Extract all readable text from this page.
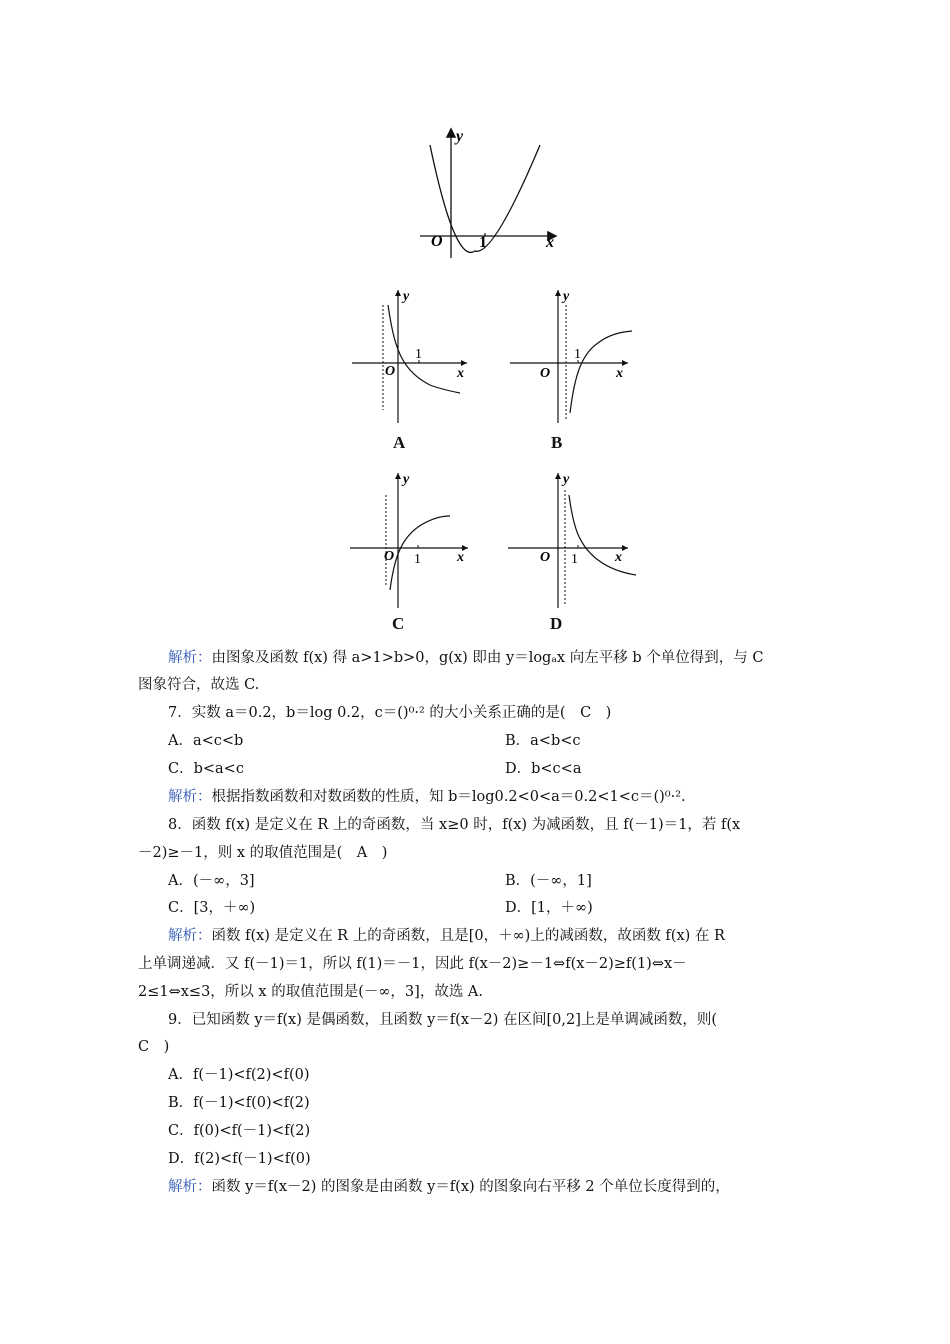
O 1	x
y
O
1
x
y
A
O
1
x
y
B
O 1	x
y
C
O 1	x
y
D
解析：由图象及函数 f(x) 得 a>1>b>0，g(x) 即由 y＝logₐx 向左平移 b 个单位得到，与 C
图象符合，故选 C.
7．实数 a＝0.2，b＝log 0.2，c＝()⁰·² 的大小关系正确的是(　C　)
A．a<c<b	B．a<b<c
C．b<a<c	D．b<c<a
解析：根据指数函数和对数函数的性质，知 b＝log0.2<0<a＝0.2<1<c＝()⁰·².
8．函数 f(x) 是定义在 R 上的奇函数，当 x≥0 时，f(x) 为减函数，且 f(－1)＝1，若 f(x
－2)≥－1，则 x 的取值范围是(　A　)
A．(－∞，3]	B．(－∞，1]
C．[3，＋∞)	D．[1，＋∞)
解析：函数 f(x) 是定义在 R 上的奇函数，且是[0，＋∞)上的减函数，故函数 f(x) 在 R
上单调递减．又 f(－1)＝1，所以 f(1)＝－1，因此 f(x－2)≥－1⇔f(x－2)≥f(1)⇔x－
2≤1⇔x≤3，所以 x 的取值范围是(－∞，3]，故选 A.
9．已知函数 y＝f(x) 是偶函数，且函数 y＝f(x－2) 在区间[0,2]上是单调减函数，则(
C　)
A．f(－1)<f(2)<f(0)
B．f(－1)<f(0)<f(2)
C．f(0)<f(－1)<f(2)
D．f(2)<f(－1)<f(0)
解析：函数 y＝f(x－2) 的图象是由函数 y＝f(x) 的图象向右平移 2 个单位长度得到的，
